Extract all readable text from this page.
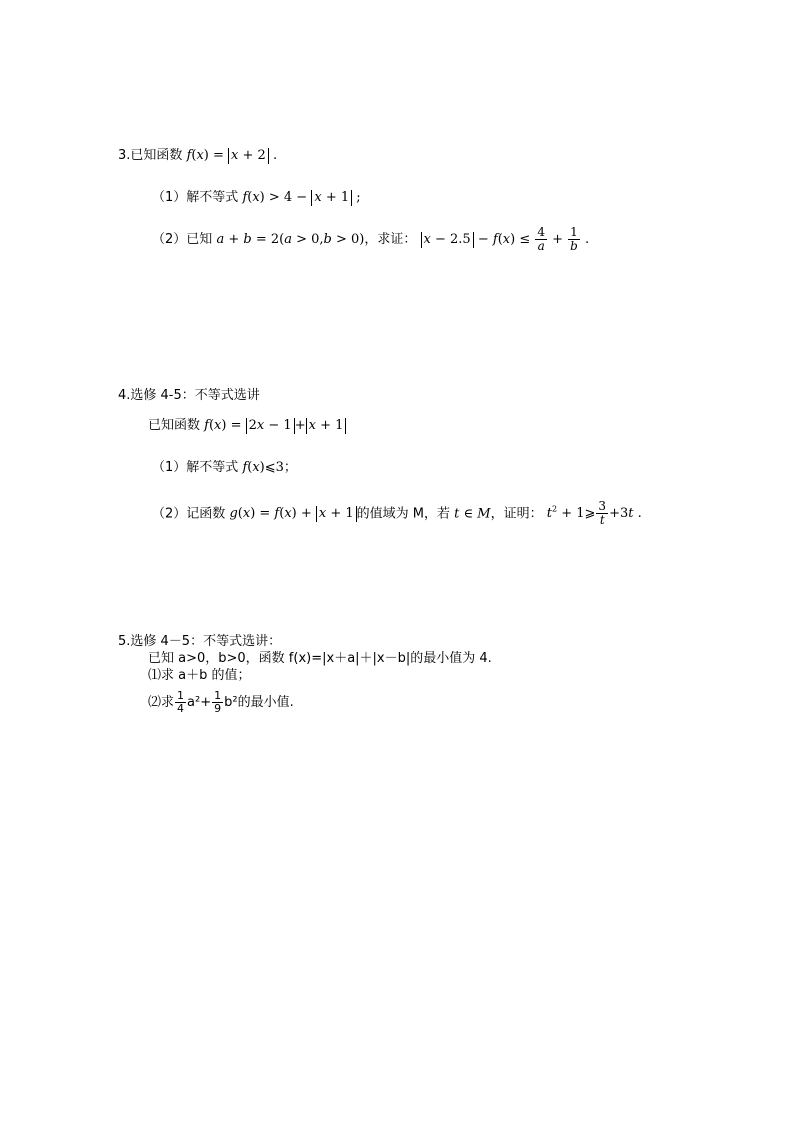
3.已知函数 f(x) = x + 2 .
（1）解不等式 f(x) > 4 − x + 1 ;
（2）已知 a + b = 2(a > 0,b > 0)，求证： $x - 2.5 - f(x) \le \frac{4}{a} + \frac{1}{b}$ .
4.选修 4-5：不等式选讲
已知函数 f(x) = 2x − 1 + x + 1
（1）解不等式 f(x)⩽3；
（2）记函数 g(x) = f(x) + x + 1 的值域为 M，若 t ∈ M，证明： $t^2$ + 1⩾ $\frac{3}{t} +3t$ .
5.选修 4－5：不等式选讲：
已知 a>0，b>0，函数 f(x)=|x＋a|＋|x－b|的最小值为 4.
⑴求 a＋b 的值；
⑵求 $\frac{1}{4} a^2+ \frac{1}{9} b^2$的最小值.
